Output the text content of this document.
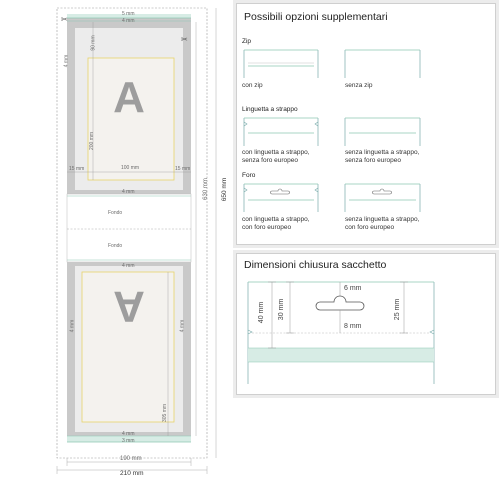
✂
✂
A
A
5 mm
4 mm
4 mm
90 mm
200 mm
100 mm
15 mm	15 mm
4 mm
Fondo
Fondo
4 mm
4 mm	4 mm
305 mm
4 mm
3 mm
630 mm 650 mm
190 mm
210 mm
Possibili opzioni supplementari
Zip
Linguetta a strappo
Foro
con zip	senza zip
con linguetta a strappo,
senza foro europeo
senza linguetta a strappo,
senza foro europeo
con linguetta a strappo,
con foro europeo
senza linguetta a strappo,
con foro europeo
Dimensioni chiusura sacchetto
6 mm
8 mm
40 mm 30 mm	25 mm
